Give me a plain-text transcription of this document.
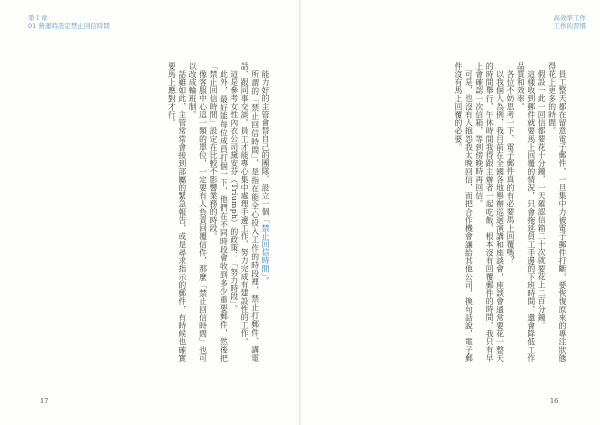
第１章
01 營運時設定禁止回信時間
高效率工作
工作的習慣

員工整天都在留意電子郵件，一旦集中力被電子郵件打斷，要恢復原來的專注狀態得花上更多的時間。

假設一此一回信都要花十分鐘，一天確認信箱二十次就要花上二百分鐘。

這樣收到郵件就要馬上回覆的情況，只會拖延員工手邊的下班時間，還會降低工作品質和效率。

各位不妨思考一下，電子郵件真的有必要馬上回覆嗎？

以我個人為例，我目前在全國各地舉辦巡迴演講和座談會，座談會通常要花一整天的時間舉行，午休時間我得跟主辦者一起吃飯，根本沒有回覆郵件的時間，我只有早上會確認一次信箱，等到傍晚時再回信。

可是，也沒有人抱怨我太晚回信，而把合作機會讓給其他公司，換句話說，電子郵件沒有馬上回覆的必要。

能力好的主管會替自己的團隊，設立一個「禁止回信時間」。

所謂的「禁止回信時間」，是指在能全心投入工作的時段裡，禁止打郵件、講電話、跟同事交談。員工才能專心集中處理手邊工作，努力完成有建設性的工作。

這是參考女性內衣公司黛安芬（Triumph）的政策：「努力時段」。

此外，最好能每位成員打個一下，他們在不同時段會收到多少重要郵件，然後把「禁止回信時間」設定在比較不影響業務的時段。

像客服中心這一類的單位，一定要有人負責回覆信件，那麼「禁止回信時間」也可以改成輪班制。

話雖如此，主管常常會接到部屬的緊急報告，或是尋求指示的郵件，有時候也確實要馬上應對才行。

17	16
